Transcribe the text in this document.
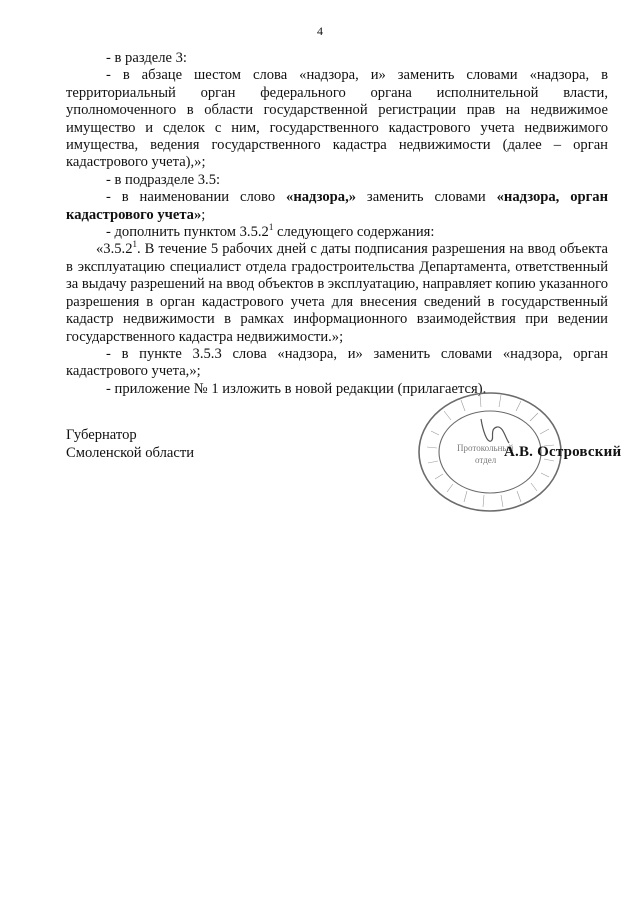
4

- в разделе 3:

- в абзаце шестом слова «надзора, и» заменить словами «надзора, в территориальный орган федерального органа исполнительной власти, уполномоченного в области государственной регистрации прав на недвижимое имущество и сделок с ним, государственного кадастрового учета недвижимого имущества, ведения государственного кадастра недвижимости (далее – орган кадастрового учета),»;

- в подразделе 3.5:

- в наименовании слово «надзора,» заменить словами «надзора, орган кадастрового учета»;

- дополнить пунктом 3.5.2$^1$ следующего содержания:

«3.5.2$^1$. В течение 5 рабочих дней с даты подписания разрешения на ввод объекта в эксплуатацию специалист отдела градостроительства Департамента, ответственный за выдачу разрешений на ввод объектов в эксплуатацию, направляет копию указанного разрешения в орган кадастрового учета для внесения сведений в государственный кадастр недвижимости в рамках информационного взаимодействия при ведении государственного кадастра недвижимости.»;

- в пункте 3.5.3 слова «надзора, и» заменить словами «надзора, орган кадастрового учета,»;

- приложение № 1 изложить в новой редакции (прилагается).

Губернатор
Смоленской области	Протокольный
отдел А.В. Островский
